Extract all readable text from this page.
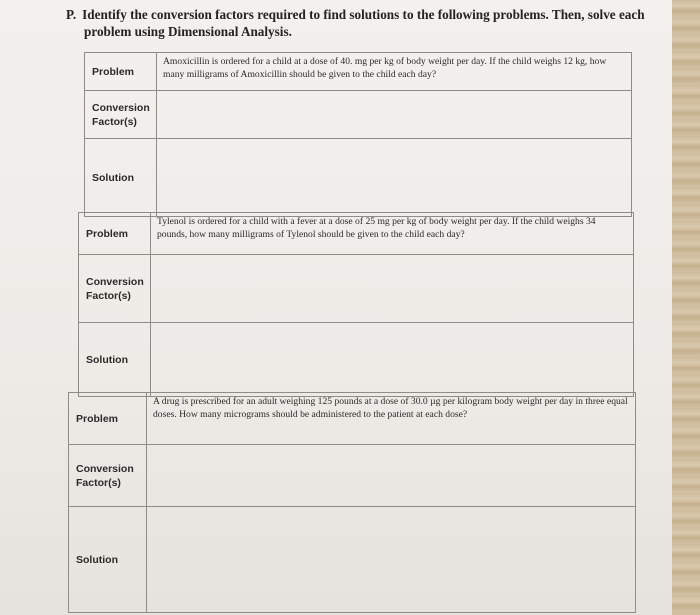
P. Identify the conversion factors required to find solutions to the following problems. Then, solve each
problem using Dimensional Analysis.
Problem	Amoxicillin is ordered for a child at a dose of 40. mg per kg of body weight per day. If the child weighs 12 kg, how many milligrams of Amoxicillin should be given to the child each day?
Conversion
Factor(s)	
Solution	
Problem	Tylenol is ordered for a child with a fever at a dose of 25 mg per kg of body weight per day. If the child weighs 34 pounds, how many milligrams of Tylenol should be given to the child each day?
Conversion
Factor(s)	
Solution	
Problem	A drug is prescribed for an adult weighing 125 pounds at a dose of 30.0 µg per kilogram body weight per day in three equal doses. How many micrograms should be administered to the patient at each dose?
Conversion
Factor(s)	
Solution	
